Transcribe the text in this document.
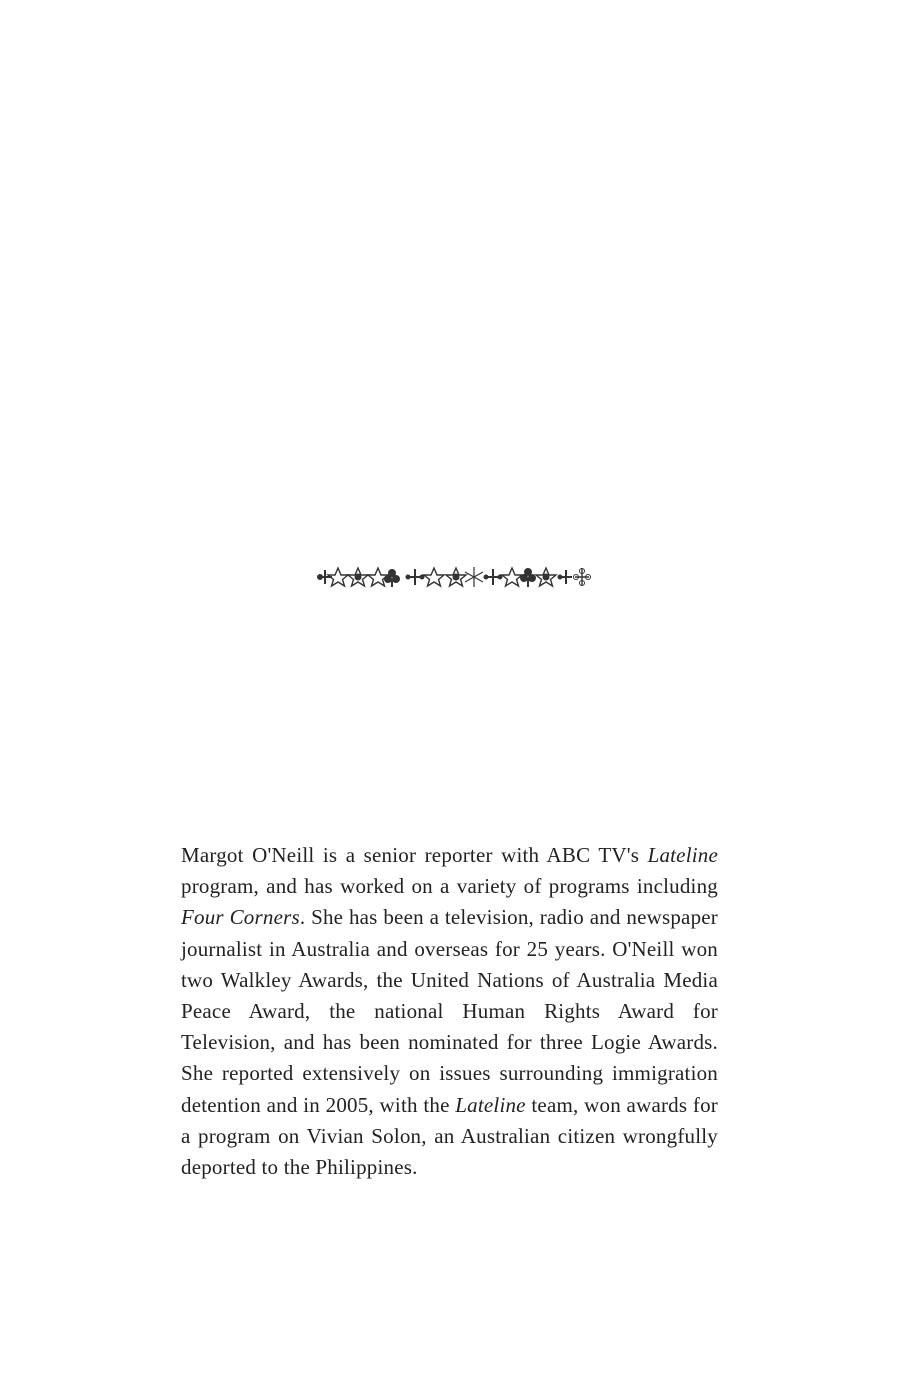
Margot O'Neill is a senior reporter with ABC TV's Lateline program, and has worked on a variety of programs including Four Corners. She has been a television, radio and newspaper journalist in Australia and overseas for 25 years. O'Neill won two Walkley Awards, the United Nations of Australia Media Peace Award, the national Human Rights Award for Television, and has been nominated for three Logie Awards. She reported extensively on issues surrounding immigration detention and in 2005, with the Lateline team, won awards for a program on Vivian Solon, an Australian citizen wrongfully deported to the Philippines.
